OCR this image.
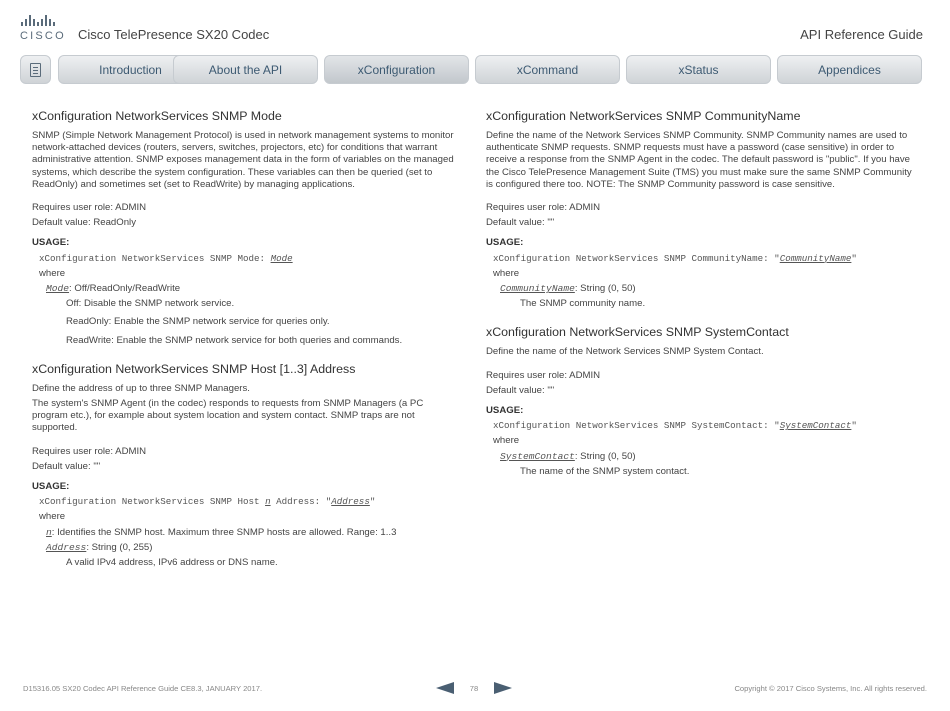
CISCO Cisco TelePresence SX20 Codec	API Reference Guide
Introduction	About the API	xConfiguration	xCommand	xStatus	Appendices
xConfiguration NetworkServices SNMP Mode

SNMP (Simple Network Management Protocol) is used in network management systems to monitor network-attached devices (routers, servers, switches, projectors, etc) for conditions that warrant administrative attention. SNMP exposes management data in the form of variables on the managed systems, which describe the system configuration. These variables can then be queried (set to ReadOnly) and sometimes set (set to ReadWrite) by managing applications.

Requires user role: ADMIN

Default value: ReadOnly

USAGE:
xConfiguration NetworkServices SNMP Mode: Mode
where
Mode: Off/ReadOnly/ReadWrite
Off: Disable the SNMP network service.
ReadOnly: Enable the SNMP network service for queries only.
ReadWrite: Enable the SNMP network service for both queries and commands.
xConfiguration NetworkServices SNMP Host [1..3] Address

Define the address of up to three SNMP Managers.

The system's SNMP Agent (in the codec) responds to requests from SNMP Managers (a PC program etc.), for example about system location and system contact. SNMP traps are not supported.

Requires user role: ADMIN

Default value: ""

USAGE:
xConfiguration NetworkServices SNMP Host n Address: "Address"
where
n: Identifies the SNMP host. Maximum three SNMP hosts are allowed. Range: 1..3
Address: String (0, 255)
A valid IPv4 address, IPv6 address or DNS name.
xConfiguration NetworkServices SNMP CommunityName

Define the name of the Network Services SNMP Community. SNMP Community names are used to authenticate SNMP requests. SNMP requests must have a password (case sensitive) in order to receive a response from the SNMP Agent in the codec. The default password is "public". If you have the Cisco TelePresence Management Suite (TMS) you must make sure the same SNMP Community is configured there too. NOTE: The SNMP Community password is case sensitive.

Requires user role: ADMIN

Default value: ""

USAGE:
xConfiguration NetworkServices SNMP CommunityName: "CommunityName"
where
CommunityName: String (0, 50)
The SNMP community name.
xConfiguration NetworkServices SNMP SystemContact

Define the name of the Network Services SNMP System Contact.

Requires user role: ADMIN

Default value: ""

USAGE:
xConfiguration NetworkServices SNMP SystemContact: "SystemContact"
where
SystemContact: String (0, 50)
The name of the SNMP system contact.
D15316.05 SX20 Codec API Reference Guide CE8.3, JANUARY 2017.	78	Copyright © 2017 Cisco Systems, Inc. All rights reserved.
